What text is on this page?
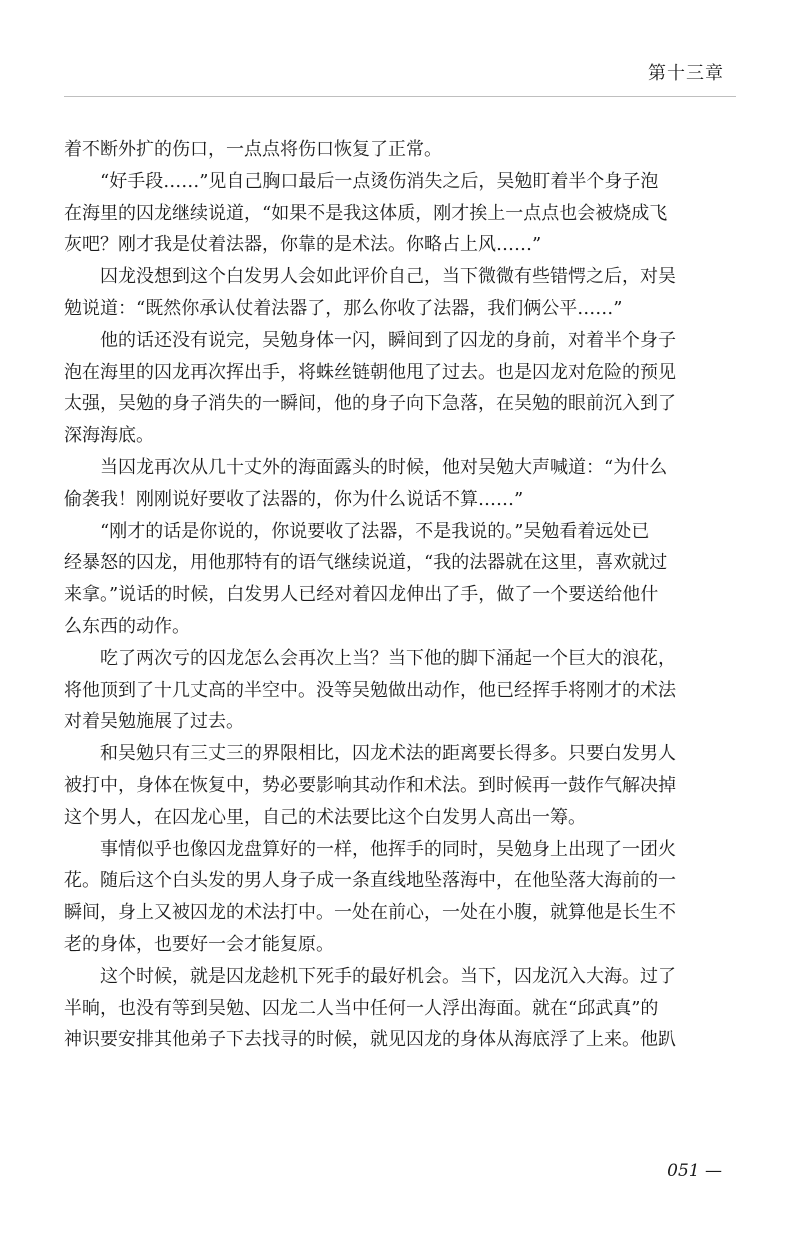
第十三章
着不断外扩的伤口，一点点将伤口恢复了正常。
“好手段……”见自己胸口最后一点烫伤消失之后，吴勉盯着半个身子泡
在海里的囚龙继续说道，“如果不是我这体质，刚才挨上一点点也会被烧成飞
灰吧？刚才我是仗着法器，你靠的是术法。你略占上风……”
囚龙没想到这个白发男人会如此评价自己，当下微微有些错愕之后，对吴
勉说道：“既然你承认仗着法器了，那么你收了法器，我们俩公平……”
他的话还没有说完，吴勉身体一闪，瞬间到了囚龙的身前，对着半个身子
泡在海里的囚龙再次挥出手，将蛛丝链朝他甩了过去。也是囚龙对危险的预见
太强，吴勉的身子消失的一瞬间，他的身子向下急落，在吴勉的眼前沉入到了
深海海底。
当囚龙再次从几十丈外的海面露头的时候，他对吴勉大声喊道：“为什么
偷袭我！刚刚说好要收了法器的，你为什么说话不算……”
“刚才的话是你说的，你说要收了法器，不是我说的。”吴勉看着远处已
经暴怒的囚龙，用他那特有的语气继续说道，“我的法器就在这里，喜欢就过
来拿。”说话的时候，白发男人已经对着囚龙伸出了手，做了一个要送给他什
么东西的动作。
吃了两次亏的囚龙怎么会再次上当？当下他的脚下涌起一个巨大的浪花，
将他顶到了十几丈高的半空中。没等吴勉做出动作，他已经挥手将刚才的术法
对着吴勉施展了过去。
和吴勉只有三丈三的界限相比，囚龙术法的距离要长得多。只要白发男人
被打中，身体在恢复中，势必要影响其动作和术法。到时候再一鼓作气解决掉
这个男人，在囚龙心里，自己的术法要比这个白发男人高出一筹。
事情似乎也像囚龙盘算好的一样，他挥手的同时，吴勉身上出现了一团火
花。随后这个白头发的男人身子成一条直线地坠落海中，在他坠落大海前的一
瞬间，身上又被囚龙的术法打中。一处在前心，一处在小腹，就算他是长生不
老的身体，也要好一会才能复原。
这个时候，就是囚龙趁机下死手的最好机会。当下，囚龙沉入大海。过了
半晌，也没有等到吴勉、囚龙二人当中任何一人浮出海面。就在“邱武真”的
神识要安排其他弟子下去找寻的时候，就见囚龙的身体从海底浮了上来。他趴
051 —
